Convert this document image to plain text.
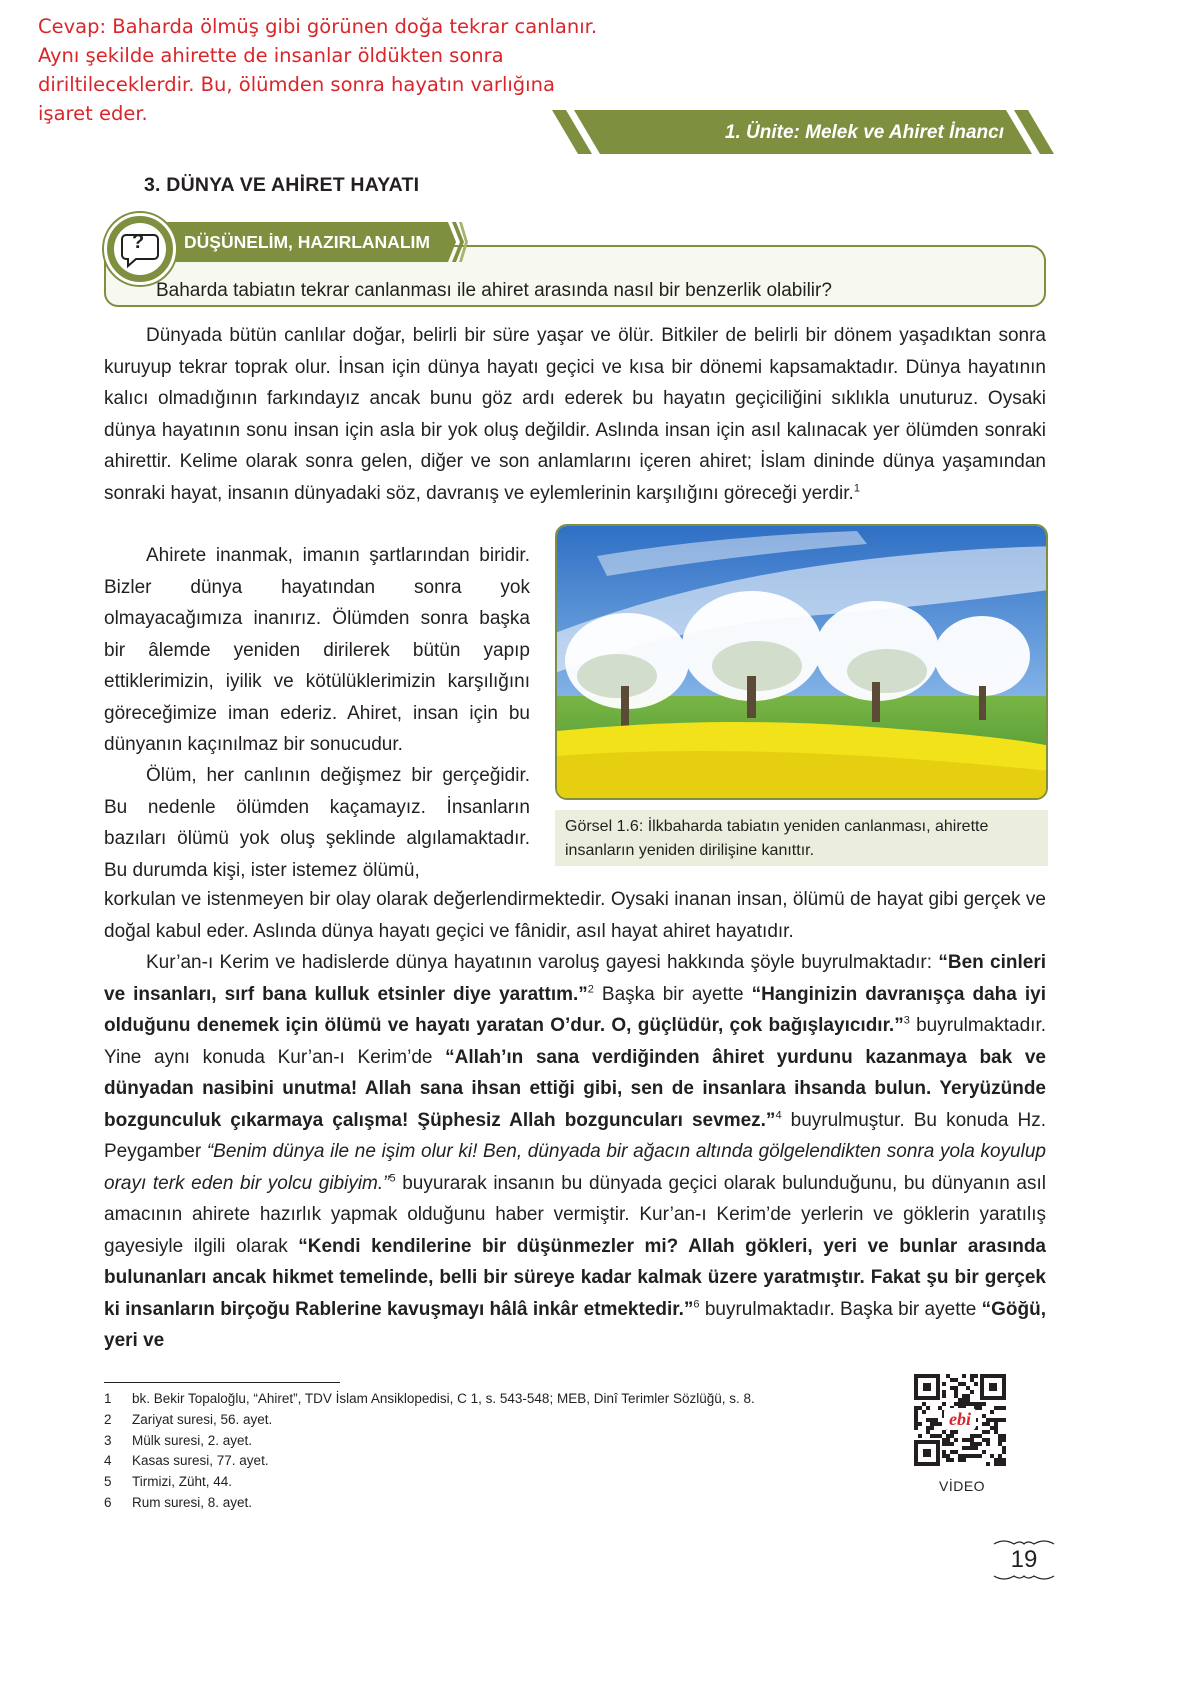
Cevap: Baharda ölmüş gibi görünen doğa tekrar canlanır. Aynı şekilde ahirette de insanlar öldükten sonra diriltileceklerdir. Bu, ölümden sonra hayatın varlığına işaret eder.
1. Ünite: Melek ve Ahiret İnancı
3. DÜNYA VE AHİRET HAYATI
Baharda tabiatın tekrar canlanması ile ahiret arasında nasıl bir benzerlik olabilir?
DÜŞÜNELİM, HAZIRLANALIM
?
Dünyada bütün canlılar doğar, belirli bir süre yaşar ve ölür. Bitkiler de belirli bir dönem yaşadıktan sonra kuruyup tekrar toprak olur. İnsan için dünya hayatı geçici ve kısa bir dönemi kapsamaktadır. Dünya hayatının kalıcı olmadığının farkındayız ancak bunu göz ardı ederek bu hayatın geçiciliğini sıklıkla unuturuz. Oysaki dünya hayatının sonu insan için asla bir yok oluş değildir. Aslında insan için asıl kalınacak yer ölümden sonraki ahirettir. Kelime olarak sonra gelen, diğer ve son anlamlarını içeren ahiret; İslam dininde dünya yaşamından sonraki hayat, insanın dünyadaki söz, davranış ve eylemlerinin karşılığını göreceği yerdir.$^1$
Ahirete inanmak, imanın şartlarından biridir. Bizler dünya hayatından sonra yok olmayacağımıza inanırız. Ölümden sonra başka bir âlemde yeniden dirilerek bütün yapıp ettiklerimizin, iyilik ve kötülüklerimizin karşılığını göreceğimize iman ederiz. Ahiret, insan için bu dünyanın kaçınılmaz bir sonucudur.
Ölüm, her canlının değişmez bir gerçeğidir. Bu nedenle ölümden kaçamayız. İnsanların bazıları ölümü yok oluş şeklinde algılamaktadır. Bu durumda kişi, ister istemez ölümü,
korkulan ve istenmeyen bir olay olarak değerlendirmektedir. Oysaki inanan insan, ölümü de hayat gibi gerçek ve doğal kabul eder. Aslında dünya hayatı geçici ve fânidir, asıl hayat ahiret hayatıdır.
Kur’an-ı Kerim ve hadislerde dünya hayatının varoluş gayesi hakkında şöyle buyrulmaktadır: “Ben cinleri ve insanları, sırf bana kulluk etsinler diye yarattım.”$^2$ Başka bir ayette “Hanginizin davranışça daha iyi olduğunu denemek için ölümü ve hayatı yaratan O’dur. O, güçlüdür, çok bağışlayıcıdır.”$^3$ buyrulmaktadır. Yine aynı konuda Kur’an-ı Kerim’de “Allah’ın sana verdiğinden âhiret yurdunu kazanmaya bak ve dünyadan nasibini unutma! Allah sana ihsan ettiği gibi, sen de insanlara ihsanda bulun. Yeryüzünde bozgunculuk çıkarmaya çalışma! Şüphesiz Allah bozguncuları sevmez.”$^4$ buyrulmuştur. Bu konuda Hz. Peygamber “Benim dünya ile ne işim olur ki! Ben, dünyada bir ağacın altında gölgelendikten sonra yola koyulup orayı terk eden bir yolcu gibiyim.”$^5$ buyurarak insanın bu dünyada geçici olarak bulunduğunu, bu dünyanın asıl amacının ahirete hazırlık yapmak olduğunu haber vermiştir. Kur’an-ı Kerim’de yerlerin ve göklerin yaratılış gayesiyle ilgili olarak “Kendi kendilerine bir düşünmezler mi? Allah gökleri, yeri ve bunlar arasında bulunanları ancak hikmet temelinde, belli bir süreye kadar kalmak üzere yaratmıştır. Fakat şu bir gerçek ki insanların birçoğu Rablerine kavuşmayı hâlâ inkâr etmektedir.”$^6$ buyrulmaktadır. Başka bir ayette “Göğü, yeri ve
Görsel 1.6: İlkbaharda tabiatın yeniden canlanması, ahirette insanların yeniden dirilişine kanıttır.
1 bk. Bekir Topaloğlu, “Ahiret”, TDV İslam Ansiklopedisi, C 1, s. 543-548; MEB, Dinî Terimler Sözlüğü, s. 8.
2 Zariyat suresi, 56. ayet.
3 Mülk suresi, 2. ayet.
4 Kasas suresi, 77. ayet.
5 Tirmizi, Züht, 44.
6 Rum suresi, 8. ayet.
ebi
VİDEO
19
